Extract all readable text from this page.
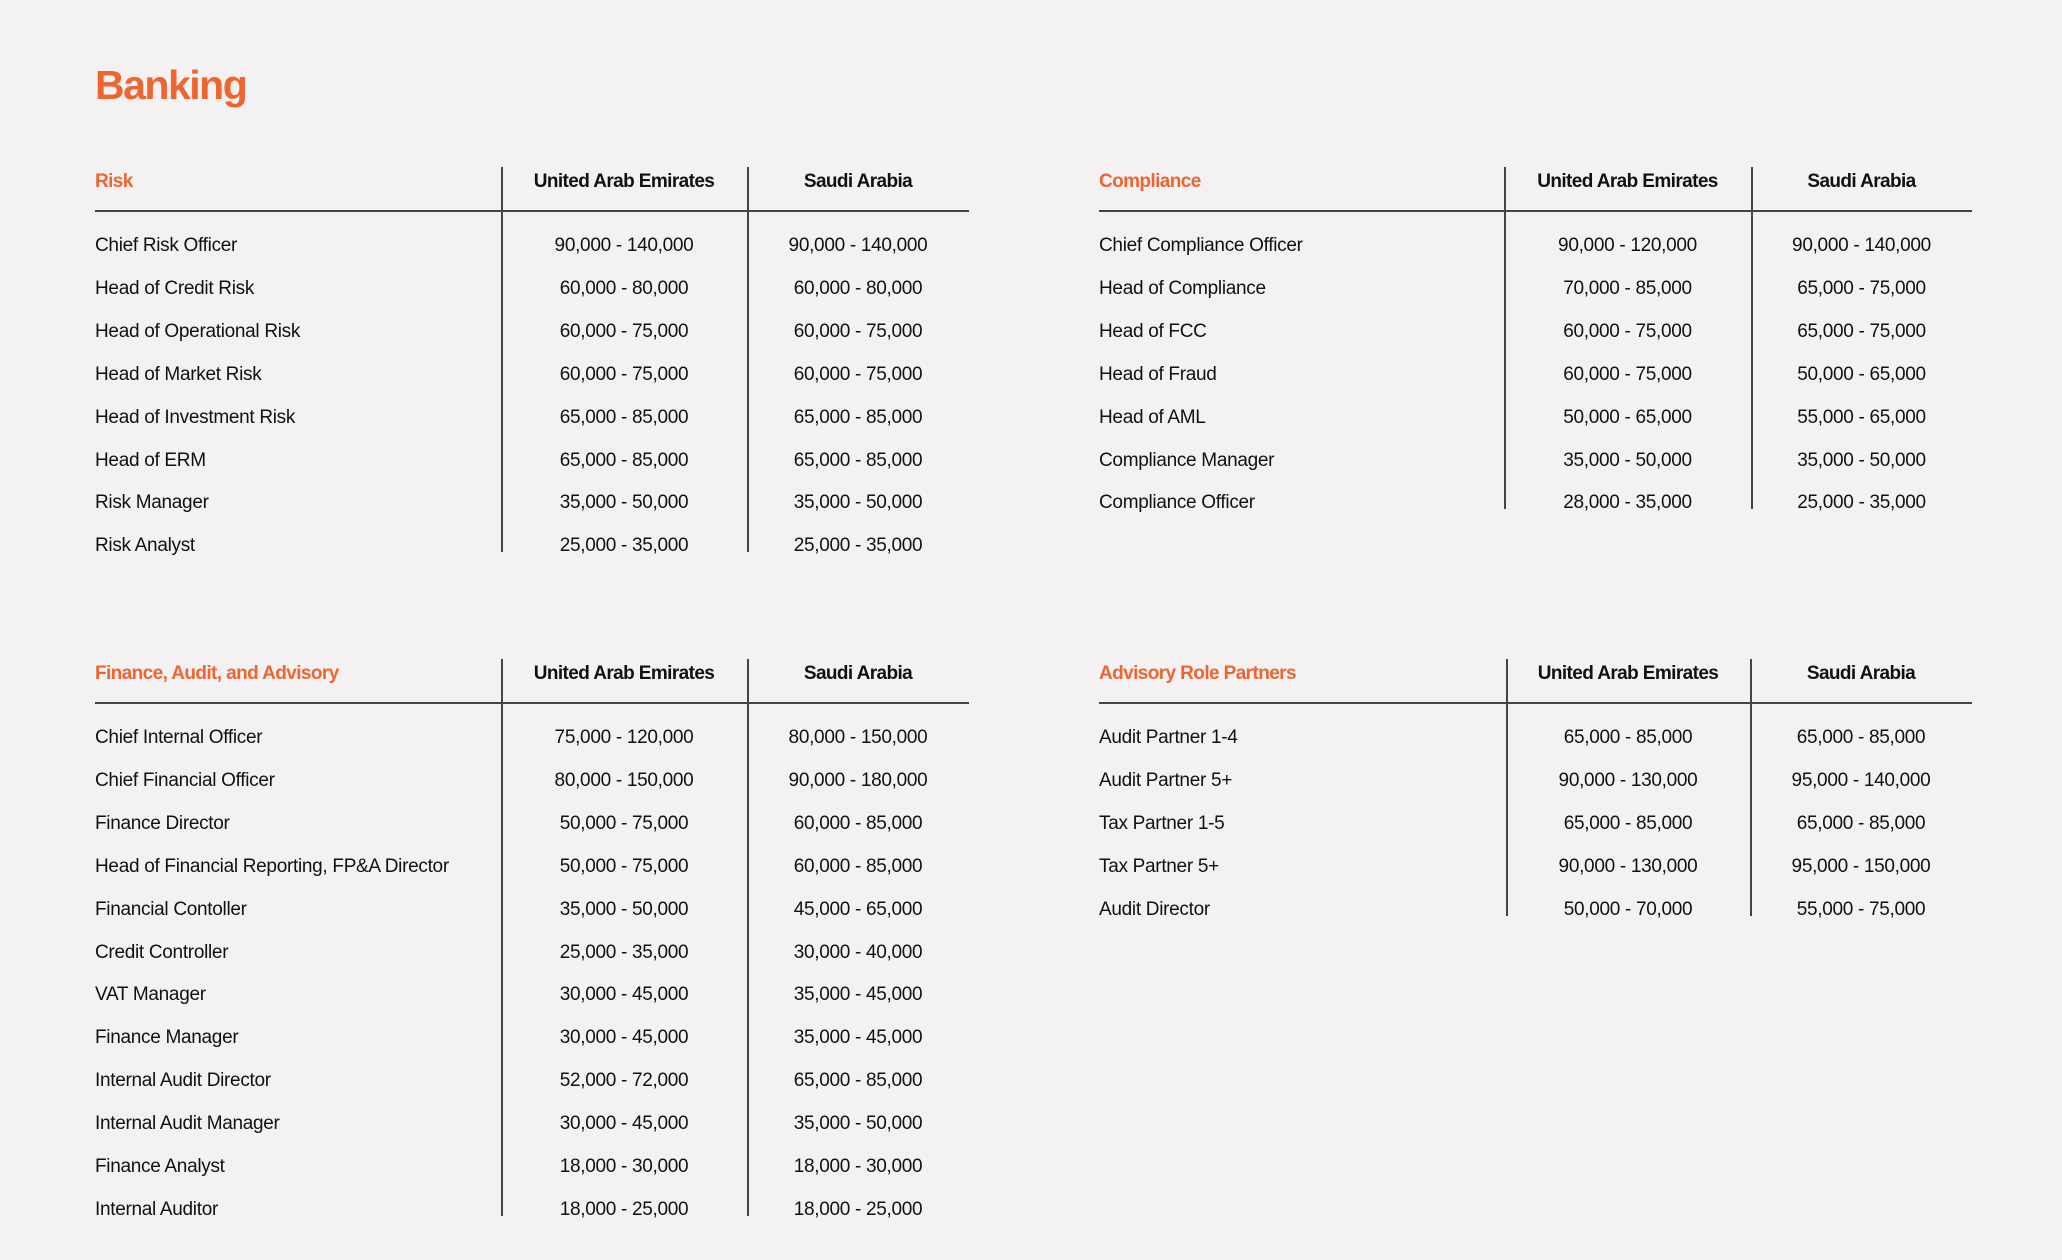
Banking
Risk	United Arab Emirates	Saudi Arabia
Chief Risk Officer	90,000 - 140,000	90,000 - 140,000
Head of Credit Risk	60,000 - 80,000	60,000 - 80,000
Head of Operational Risk	60,000 - 75,000	60,000 - 75,000
Head of Market Risk	60,000 - 75,000	60,000 - 75,000
Head of Investment Risk	65,000 - 85,000	65,000 - 85,000
Head of ERM	65,000 - 85,000	65,000 - 85,000
Risk Manager	35,000 - 50,000	35,000 - 50,000
Risk Analyst	25,000 - 35,000	25,000 - 35,000
Compliance	United Arab Emirates	Saudi Arabia
Chief Compliance Officer	90,000 - 120,000	90,000 - 140,000
Head of Compliance	70,000 - 85,000	65,000 - 75,000
Head of FCC	60,000 - 75,000	65,000 - 75,000
Head of Fraud	60,000 - 75,000	50,000 - 65,000
Head of AML	50,000 - 65,000	55,000 - 65,000
Compliance Manager	35,000 - 50,000	35,000 - 50,000
Compliance Officer	28,000 - 35,000	25,000 - 35,000
Finance, Audit, and Advisory	United Arab Emirates	Saudi Arabia
Chief Internal Officer	75,000 - 120,000	80,000 - 150,000
Chief Financial Officer	80,000 - 150,000	90,000 - 180,000
Finance Director	50,000 - 75,000	60,000 - 85,000
Head of Financial Reporting, FP&A Director	50,000 - 75,000	60,000 - 85,000
Financial Contoller	35,000 - 50,000	45,000 - 65,000
Credit Controller	25,000 - 35,000	30,000 - 40,000
VAT Manager	30,000 - 45,000	35,000 - 45,000
Finance Manager	30,000 - 45,000	35,000 - 45,000
Internal Audit Director	52,000 - 72,000	65,000 - 85,000
Internal Audit Manager	30,000 - 45,000	35,000 - 50,000
Finance Analyst	18,000 - 30,000	18,000 - 30,000
Internal Auditor	18,000 - 25,000	18,000 - 25,000
Advisory Role Partners	United Arab Emirates	Saudi Arabia
Audit Partner 1-4	65,000 - 85,000	65,000 - 85,000
Audit Partner 5+	90,000 - 130,000	95,000 - 140,000
Tax Partner 1-5	65,000 - 85,000	65,000 - 85,000
Tax Partner 5+	90,000 - 130,000	95,000 - 150,000
Audit Director	50,000 - 70,000	55,000 - 75,000
